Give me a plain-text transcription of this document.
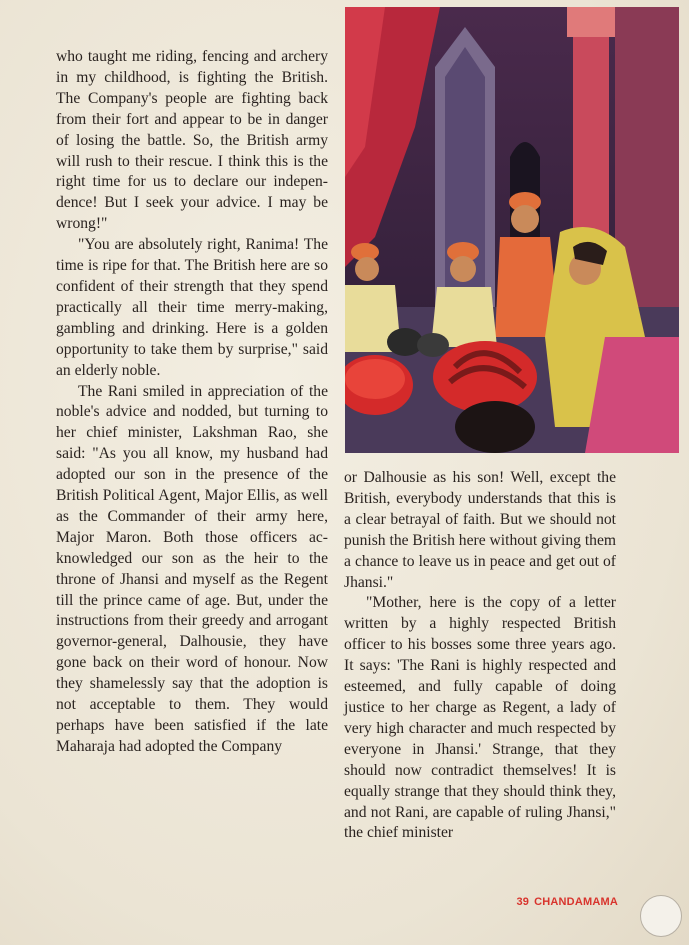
who taught me riding, fencing and archery in my childhood, is fighting the British. The Company's people are fighting back from their fort and appear to be in danger of losing the battle. So, the British army will rush to their rescue. I think this is the right time for us to declare our independence! But I seek your advice. I may be wrong!"

"You are absolutely right, Ranima! The time is ripe for that. The British here are so confident of their strength that they spend practically all their time merry-making, gambling and drinking. Here is a golden opportunity to take them by surprise," said an elderly noble.

The Rani smiled in appreciation of the noble's advice and nodded, but turning to her chief minister, Lakshman Rao, she said: "As you all know, my husband had adopted our son in the presence of the British Political Agent, Major Ellis, as well as the Commander of their army here, Major Maron. Both those officers acknowledged our son as the heir to the throne of Jhansi and myself as the Regent till the prince came of age. But, under the instructions from their greedy and arrogant governor-general, Dalhousie, they have gone back on their word of honour. Now they shamelessly say that the adoption is not acceptable to them. They would perhaps have been satisfied if the late Maharaja had adopted the Company

or Dalhousie as his son! Well, except the British, everybody understands that this is a clear betrayal of faith. But we should not punish the British here without giving them a chance to leave us in peace and get out of Jhansi."

"Mother, here is the copy of a letter written by a highly respected British officer to his bosses some three years ago. It says: 'The Rani is highly respected and esteemed, and fully capable of doing justice to her charge as Regent, a lady of very high character and much respected by everyone in Jhansi.' Strange, that they should now contradict themselves! It is equally strange that they should think they, and not Rani, are capable of ruling Jhansi," the chief minister

39 CHANDAMAMA
